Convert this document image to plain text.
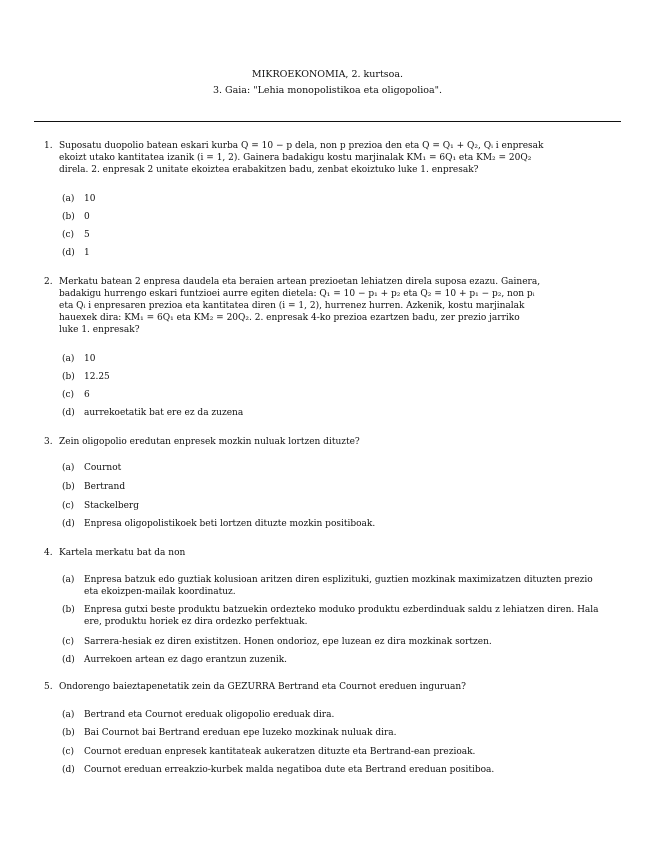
MIKROEKONOMIA, 2. kurtsoa.
3. Gaia: "Lehia monopolistikoa eta oligopolioa".
1. Suposatu duopolio batean eskari kurba Q = 10 − p dela, non p prezioa den eta Q = Q₁ + Q₂, Qᵢ i enpresak
ekoizt utako kantitatea izanik (i = 1, 2). Gainera badakigu kostu marjinalak KM₁ = 6Q₁ eta KM₂ = 20Q₂
direla. 2. enpresak 2 unitate ekoiztea erabakitzen badu, zenbat ekoiztuko luke 1. enpresak?
(a)	10
(b)	0
(c)	5
(d)	1
2. Merkatu batean 2 enpresa daudela eta beraien artean prezioetan lehiatzen direla suposa ezazu. Gainera,
badakigu hurrengo eskari funtzioei aurre egiten dietela: Q₁ = 10 − p₁ + p₂ eta Q₂ = 10 + p₁ − p₂, non pᵢ
eta Qᵢ i enpresaren prezioa eta kantitatea diren (i = 1, 2), hurrenez hurren. Azkenik, kostu marjinalak
hauexek dira: KM₁ = 6Q₁ eta KM₂ = 20Q₂. 2. enpresak 4-ko prezioa ezartzen badu, zer prezio jarriko
luke 1. enpresak?
(a)	10
(b)	12.25
(c)	6
(d)	aurrekoetatik bat ere ez da zuzena
3. Zein oligopolio eredutan enpresek mozkin nuluak lortzen dituzte?
(a)	Cournot
(b)	Bertrand
(c)	Stackelberg
(d)	Enpresa oligopolistikoek beti lortzen dituzte mozkin positiboak.
4. Kartela merkatu bat da non
(a)	Enpresa batzuk edo guztiak kolusioan aritzen diren esplizituki, guztien mozkinak maximizatzen dituzten prezio
eta ekoizpen-mailak koordinatuz.
(b)	Enpresa gutxi beste produktu batzuekin ordezteko moduko produktu ezberdinduak saldu z lehiatzen diren. Hala
ere, produktu horiek ez dira ordezko perfektuak.
(c)	Sarrera-hesiak ez diren existitzen. Honen ondorioz, epe luzean ez dira mozkinak sortzen.
(d)	Aurrekoen artean ez dago erantzun zuzenik.
5. Ondorengo baieztapenetatik zein da GEZURRA Bertrand eta Cournot ereduen inguruan?
(a)	Bertrand eta Cournot ereduak oligopolio ereduak dira.
(b)	Bai Cournot bai Bertrand ereduan epe luzeko mozkinak nuluak dira.
(c)	Cournot ereduan enpresek kantitateak aukeratzen dituzte eta Bertrand-ean prezioak.
(d)	Cournot ereduan erreakzio-kurbek malda negatiboa dute eta Bertrand ereduan positiboa.
